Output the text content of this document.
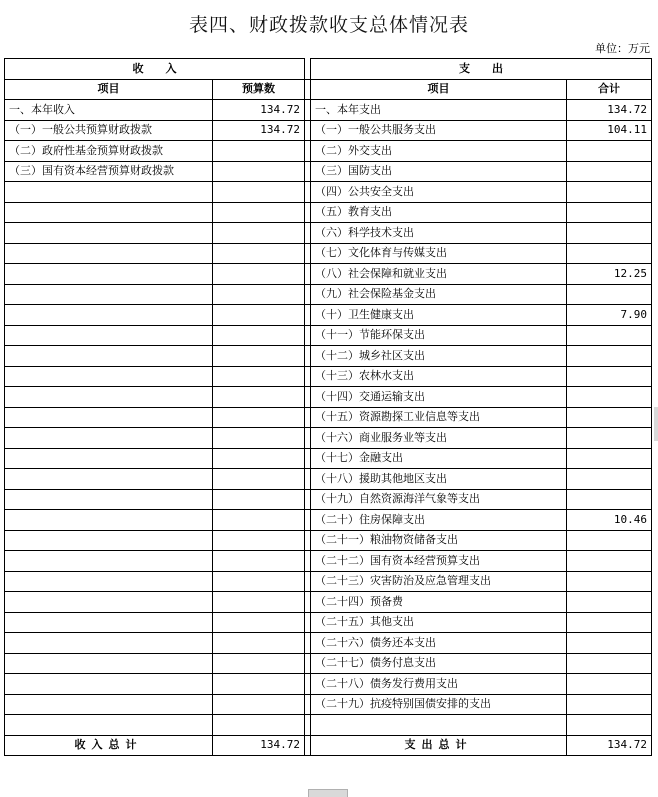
表四、财政拨款收支总体情况表
单位：万元
收　　入			支　　出	
项目	预算数		项目	合计
一、本年收入	134.72		一、本年支出	134.72
（一）一般公共预算财政拨款	134.72		（一）一般公共服务支出	104.11
（二）政府性基金预算财政拨款			（二）外交支出	
（三）国有资本经营预算财政拨款			（三）国防支出	
			（四）公共安全支出	
			（五）教育支出	
			（六）科学技术支出	
			（七）文化体育与传媒支出	
			（八）社会保障和就业支出	12.25
			（九）社会保险基金支出	
			（十）卫生健康支出	7.90
			（十一）节能环保支出	
			（十二）城乡社区支出	
			（十三）农林水支出	
			（十四）交通运输支出	
			（十五）资源勘探工业信息等支出	
			（十六）商业服务业等支出	
			（十七）金融支出	
			（十八）援助其他地区支出	
			（十九）自然资源海洋气象等支出	
			（二十）住房保障支出	10.46
			（二十一）粮油物资储备支出	
			（二十二）国有资本经营预算支出	
			（二十三）灾害防治及应急管理支出	
			（二十四）预备费	
			（二十五）其他支出	
			（二十六）债务还本支出	
			（二十七）债务付息支出	
			（二十八）债务发行费用支出	
			（二十九）抗疫特别国债安排的支出	

收入总计	134.72		支出总计	134.72
